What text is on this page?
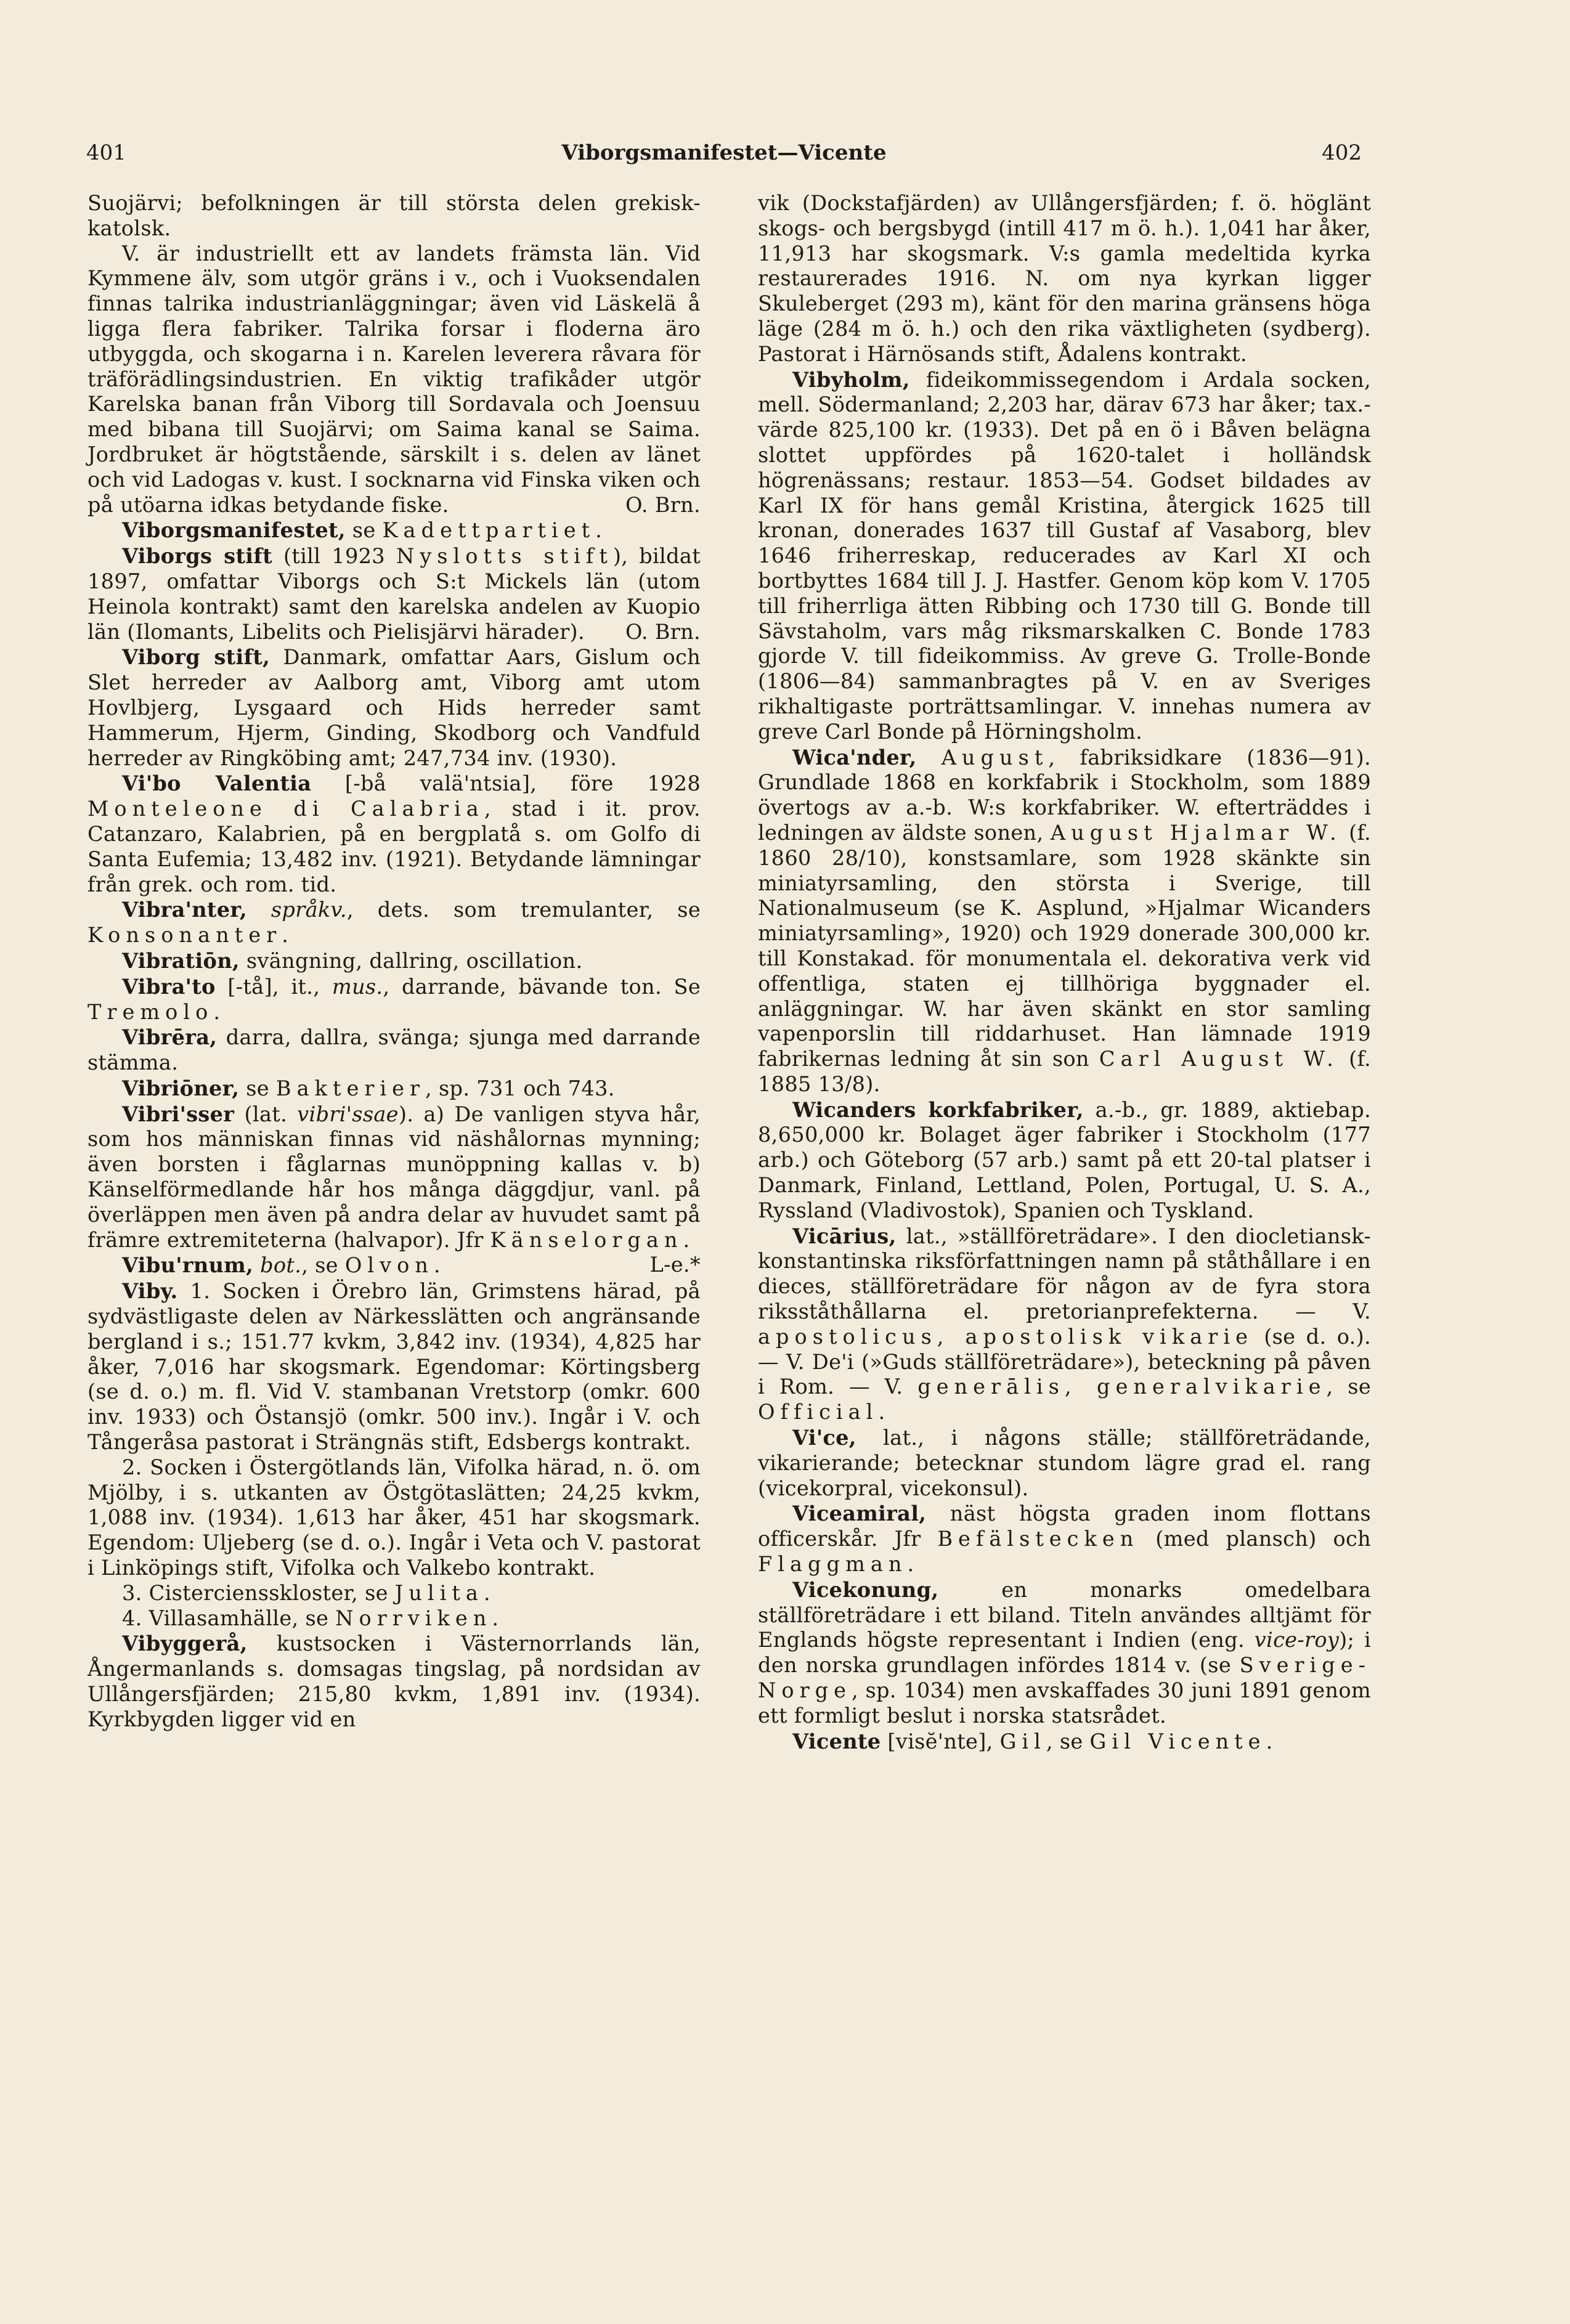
401	Viborgsmanifestet—Vicente	402

Suojärvi; befolkningen är till största delen grekisk-katolsk.

V. är industriellt ett av landets främsta län. Vid Kymmene älv, som utgör gräns i v., och i Vuoksendalen finnas talrika industrianläggningar; även vid Läskelä å ligga flera fabriker. Talrika forsar i floderna äro utbyggda, och skogarna i n. Karelen leverera råvara för träförädlingsindustrien. En viktig trafikåder utgör Karelska banan från Viborg till Sordavala och Joensuu med bibana till Suojärvi; om Saima kanal se Saima. Jordbruket är högtstående, särskilt i s. delen av länet och vid Ladogas v. kust. I socknarna vid Finska viken och på utöarna idkas betydande fiske.	O. Brn.

Viborgsmanifestet, se Kadettpartiet.

Viborgs stift (till 1923 Nyslotts stift), bildat 1897, omfattar Viborgs och S:t Mickels län (utom Heinola kontrakt) samt den karelska andelen av Kuopio län (Ilomants, Libelits och Pielisjärvi härader).	O. Brn.

Viborg stift, Danmark, omfattar Aars, Gislum och Slet herreder av Aalborg amt, Viborg amt utom Hovlbjerg, Lysgaard och Hids herreder samt Hammerum, Hjerm, Ginding, Skodborg och Vandfuld herreder av Ringköbing amt; 247,734 inv. (1930).

Vi'bo Valentia [-bå valä'ntsia], före 1928 Monteleone di Calabria, stad i it. prov. Catanzaro, Kalabrien, på en bergplatå s. om Golfo di Santa Eufemia; 13,482 inv. (1921). Betydande lämningar från grek. och rom. tid.

Vibra'nter, språkv., dets. som tremulanter, se Konsonanter.

Vibratiōn, svängning, dallring, oscillation.

Vibra'to [-tå], it., mus., darrande, bävande ton. Se Tremolo.

Vibrēra, darra, dallra, svänga; sjunga med darrande stämma.

Vibriōner, se Bakterier, sp. 731 och 743.

Vibri'sser (lat. vibri'ssae). a) De vanligen styva hår, som hos människan finnas vid näshålornas mynning; även borsten i fåglarnas munöppning kallas v. b) Känselförmedlande hår hos många däggdjur, vanl. på överläppen men även på andra delar av huvudet samt på främre extremiteterna (halvapor). Jfr Känselorgan.
L-e.*

Vibu'rnum, bot., se Olvon.

Viby. 1. Socken i Örebro län, Grimstens härad, på sydvästligaste delen av Närkesslätten och angränsande bergland i s.; 151.77 kvkm, 3,842 inv. (1934), 4,825 har åker, 7,016 har skogsmark. Egendomar: Körtingsberg (se d. o.) m. fl. Vid V. stambanan Vretstorp (omkr. 600 inv. 1933) och Östansjö (omkr. 500 inv.). Ingår i V. och Tångeråsa pastorat i Strängnäs stift, Edsbergs kontrakt.

2. Socken i Östergötlands län, Vifolka härad, n. ö. om Mjölby, i s. utkanten av Östgötaslätten; 24,25 kvkm, 1,088 inv. (1934). 1,613 har åker, 451 har skogsmark. Egendom: Uljeberg (se d. o.). Ingår i Veta och V. pastorat i Linköpings stift, Vifolka och Valkebo kontrakt.

3. Cisterciensskloster, se Julita.

4. Villasamhälle, se Norrviken.

Vibyggerå, kustsocken i Västernorrlands län, Ångermanlands s. domsagas tingslag, på nordsidan av Ullångersfjärden; 215,80 kvkm, 1,891 inv. (1934). Kyrkbygden ligger vid en

vik (Dockstafjärden) av Ullångersfjärden; f. ö. höglänt skogs- och bergsbygd (intill 417 m ö. h.). 1,041 har åker, 11,913 har skogsmark. V:s gamla medeltida kyrka restaurerades 1916. N. om nya kyrkan ligger Skuleberget (293 m), känt för den marina gränsens höga läge (284 m ö. h.) och den rika växtligheten (sydberg). Pastorat i Härnösands stift, Ådalens kontrakt.

Vibyholm, fideikommissegendom i Ardala socken, mell. Södermanland; 2,203 har, därav 673 har åker; tax.-värde 825,100 kr. (1933). Det på en ö i Båven belägna slottet uppfördes på 1620-talet i holländsk högrenässans; restaur. 1853—54. Godset bildades av Karl IX för hans gemål Kristina, återgick 1625 till kronan, donerades 1637 till Gustaf af Vasaborg, blev 1646 friherreskap, reducerades av Karl XI och bortbyttes 1684 till J. J. Hastfer. Genom köp kom V. 1705 till friherrliga ätten Ribbing och 1730 till G. Bonde till Sävstaholm, vars måg riksmarskalken C. Bonde 1783 gjorde V. till fideikommiss. Av greve G. Trolle-Bonde (1806—84) sammanbragtes på V. en av Sveriges rikhaltigaste porträttsamlingar. V. innehas numera av greve Carl Bonde på Hörningsholm.

Wica'nder, August, fabriksidkare (1836—91). Grundlade 1868 en korkfabrik i Stockholm, som 1889 övertogs av a.-b. W:s korkfabriker. W. efterträddes i ledningen av äldste sonen, August Hjalmar W. (f. 1860 28/10), konstsamlare, som 1928 skänkte sin miniatyrsamling, den största i Sverige, till Nationalmuseum (se K. Asplund, »Hjalmar Wicanders miniatyrsamling», 1920) och 1929 donerade 300,000 kr. till Konstakad. för monumentala el. dekorativa verk vid offentliga, staten ej tillhöriga byggnader el. anläggningar. W. har även skänkt en stor samling vapenporslin till riddarhuset. Han lämnade 1919 fabrikernas ledning åt sin son Carl August W. (f. 1885 13/8).

Wicanders korkfabriker, a.-b., gr. 1889, aktiebap. 8,650,000 kr. Bolaget äger fabriker i Stockholm (177 arb.) och Göteborg (57 arb.) samt på ett 20-tal platser i Danmark, Finland, Lettland, Polen, Portugal, U. S. A., Ryssland (Vladivostok), Spanien och Tyskland.

Vicārius, lat., »ställföreträdare». I den diocletiansk-konstantinska riksförfattningen namn på ståthållare i en dieces, ställföreträdare för någon av de fyra stora riksståthållarna el. pretorianprefekterna. — V. apostolicus, apostolisk vikarie (se d. o.). — V. De'i (»Guds ställföreträdare»), beteckning på påven i Rom. — V. generālis, generalvikarie, se Official.

Vi'ce, lat., i någons ställe; ställföreträdande, vikarierande; betecknar stundom lägre grad el. rang (vicekorpral, vicekonsul).

Viceamiral, näst högsta graden inom flottans officerskår. Jfr Befälstecken (med plansch) och Flaggman.

Vicekonung, en monarks omedelbara ställföreträdare i ett biland. Titeln användes alltjämt för Englands högste representant i Indien (eng. vice-roy); i den norska grundlagen infördes 1814 v. (se Sverige-Norge, sp. 1034) men avskaffades 30 juni 1891 genom ett formligt beslut i norska statsrådet.

Vicente [visĕ'nte], Gil, se Gil Vicente.
